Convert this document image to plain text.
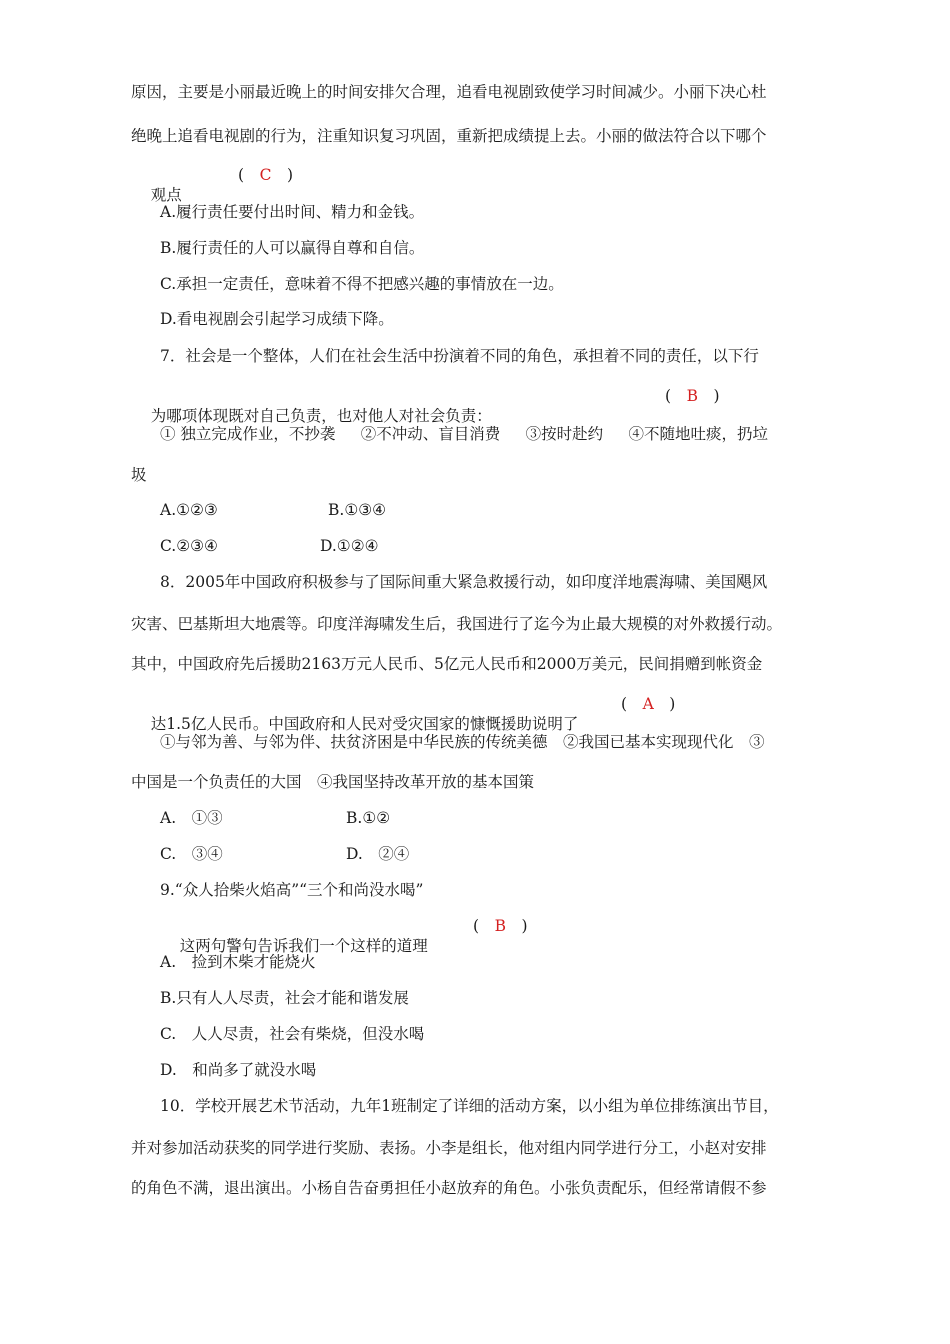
原因，主要是小丽最近晚上的时间安排欠合理，追看电视剧致使学习时间减少。小丽下决心杜
绝晚上追看电视剧的行为，注重知识复习巩固，重新把成绩提上去。小丽的做法符合以下哪个

观点

(　 C　 )

A.履行责任要付出时间、精力和金钱。
B.履行责任的人可以赢得自尊和自信。
C.承担一定责任，意味着不得不把感兴趣的事情放在一边。
D.看电视剧会引起学习成绩下降。
7．社会是一个整体，人们在社会生活中扮演着不同的角色，承担着不同的责任，以下行

为哪项体现既对自己负责，也对他人对社会负责：

(　 B　 )

① 独立完成作业，不抄袭　  ②不冲动、盲目消费　  ③按时赴约　  ④不随地吐痰，扔垃
圾
A.①②③	B.①③④
C.②③④	D.①②④
8．2005年中国政府积极参与了国际间重大紧急救援行动，如印度洋地震海啸、美国飓风
灾害、巴基斯坦大地震等。印度洋海啸发生后，我国进行了迄今为止最大规模的对外救援行动。
其中，中国政府先后援助2163万元人民币、5亿元人民币和2000万美元，民间捐赠到帐资金

达1.5亿人民币。中国政府和人民对受灾国家的慷慨援助说明了

(　 A　 )

①与邻为善、与邻为伴、扶贫济困是中华民族的传统美德　②我国已基本实现现代化　③
中国是一个负责任的大国　④我国坚持改革开放的基本国策
A.　①③	B.①②
C.　③④	D.　②④
9.“众人拾柴火焰高”“三个和尚没水喝”

这两句警句告诉我们一个这样的道理

(　 B　 )

A.　捡到木柴才能烧火
B.只有人人尽责，社会才能和谐发展
C.　人人尽责，社会有柴烧，但没水喝
D.　和尚多了就没水喝
10．学校开展艺术节活动，九年1班制定了详细的活动方案，以小组为单位排练演出节目，
并对参加活动获奖的同学进行奖励、表扬。小李是组长，他对组内同学进行分工，小赵对安排
的角色不满，退出演出。小杨自告奋勇担任小赵放弃的角色。小张负责配乐，但经常请假不参
